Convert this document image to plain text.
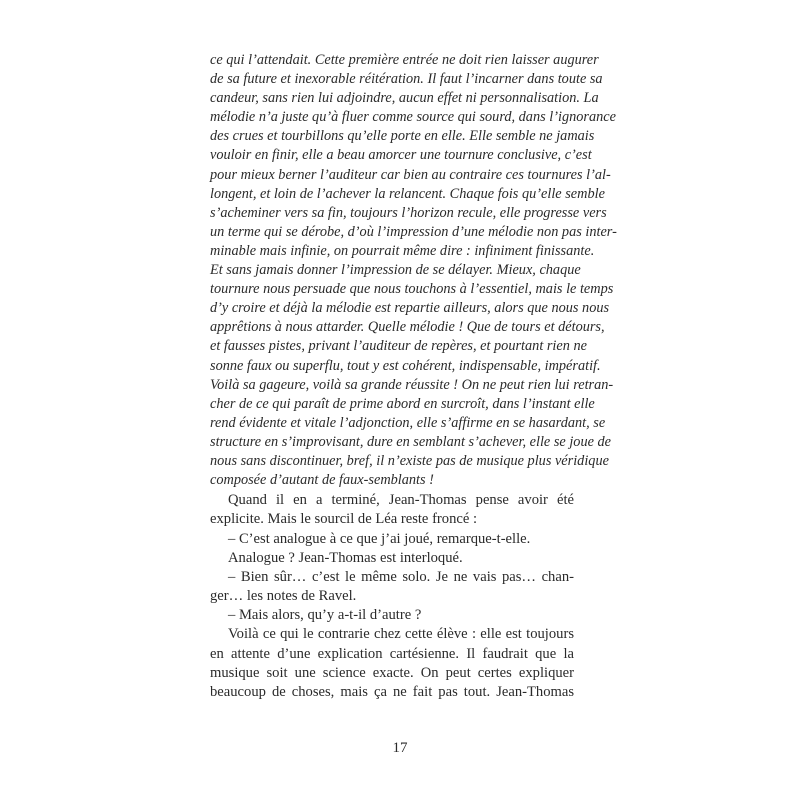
ce qui l’attendait. Cette première entrée ne doit rien laisser augurer
de sa future et inexorable réitération. Il faut l’incarner dans toute sa
candeur, sans rien lui adjoindre, aucun effet ni personnalisation. La
mélodie n’a juste qu’à fluer comme source qui sourd, dans l’ignorance
des crues et tourbillons qu’elle porte en elle. Elle semble ne jamais
vouloir en finir, elle a beau amorcer une tournure conclusive, c’est
pour mieux berner l’auditeur car bien au contraire ces tournures l’al-
longent, et loin de l’achever la relancent. Chaque fois qu’elle semble
s’acheminer vers sa fin, toujours l’horizon recule, elle progresse vers
un terme qui se dérobe, d’où l’impression d’une mélodie non pas inter-
minable mais infinie, on pourrait même dire : infiniment finissante.
Et sans jamais donner l’impression de se délayer. Mieux, chaque
tournure nous persuade que nous touchons à l’essentiel, mais le temps
d’y croire et déjà la mélodie est repartie ailleurs, alors que nous nous
apprêtions à nous attarder. Quelle mélodie ! Que de tours et détours,
et fausses pistes, privant l’auditeur de repères, et pourtant rien ne
sonne faux ou superflu, tout y est cohérent, indispensable, impératif.
Voilà sa gageure, voilà sa grande réussite ! On ne peut rien lui retran-
cher de ce qui paraît de prime abord en surcroît, dans l’instant elle
rend évidente et vitale l’adjonction, elle s’affirme en se hasardant, se
structure en s’improvisant, dure en semblant s’achever, elle se joue de
nous sans discontinuer, bref, il n’existe pas de musique plus véridique
composée d’autant de faux-semblants !
Quand il en a terminé, Jean-Thomas pense avoir été
explicite. Mais le sourcil de Léa reste froncé :
– C’est analogue à ce que j’ai joué, remarque-t-elle.
Analogue ? Jean-Thomas est interloqué.
– Bien sûr… c’est le même solo. Je ne vais pas… chan-
ger… les notes de Ravel.
– Mais alors, qu’y a-t-il d’autre ?
Voilà ce qui le contrarie chez cette élève : elle est toujours
en attente d’une explication cartésienne. Il faudrait que la
musique soit une science exacte. On peut certes expliquer
beaucoup de choses, mais ça ne fait pas tout. Jean-Thomas
17
